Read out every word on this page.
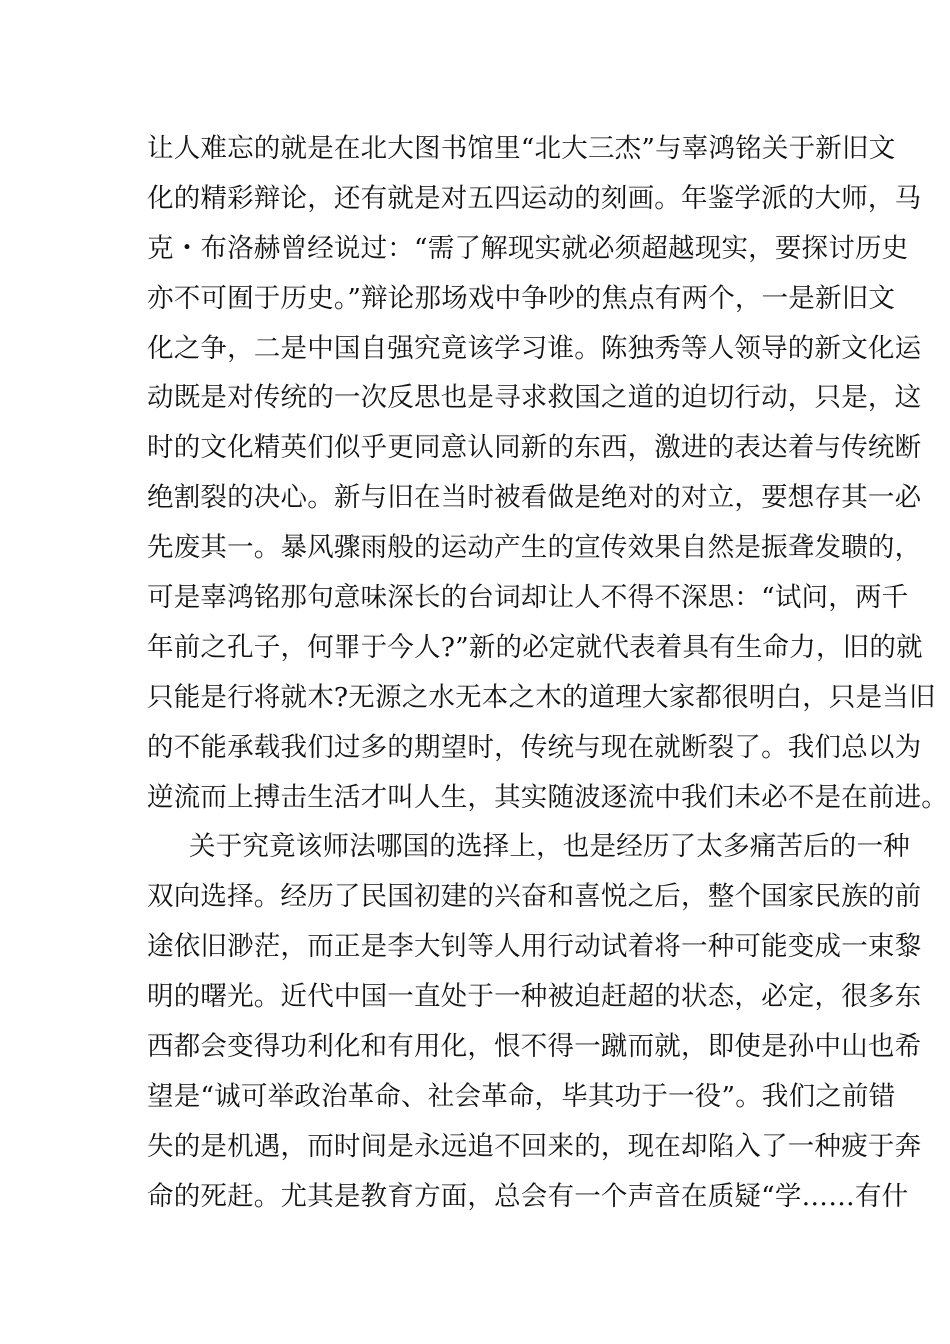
让人难忘的就是在北大图书馆里“北大三杰”与辜鸿铭关于新旧文
化的精彩辩论，还有就是对五四运动的刻画。年鉴学派的大师，马
克・布洛赫曾经说过：“需了解现实就必须超越现实，要探讨历史
亦不可囿于历史。”辩论那场戏中争吵的焦点有两个，一是新旧文
化之争，二是中国自强究竟该学习谁。陈独秀等人领导的新文化运
动既是对传统的一次反思也是寻求救国之道的迫切行动，只是，这
时的文化精英们似乎更同意认同新的东西，激进的表达着与传统断
绝割裂的决心。新与旧在当时被看做是绝对的对立，要想存其一必
先废其一。暴风骤雨般的运动产生的宣传效果自然是振聋发聩的，
可是辜鸿铭那句意味深长的台词却让人不得不深思：“试问，两千
年前之孔子，何罪于今人?”新的必定就代表着具有生命力，旧的就
只能是行将就木?无源之水无本之木的道理大家都很明白，只是当旧
的不能承载我们过多的期望时，传统与现在就断裂了。我们总以为
逆流而上搏击生活才叫人生，其实随波逐流中我们未必不是在前进。
关于究竟该师法哪国的选择上，也是经历了太多痛苦后的一种
双向选择。经历了民国初建的兴奋和喜悦之后，整个国家民族的前
途依旧渺茫，而正是李大钊等人用行动试着将一种可能变成一束黎
明的曙光。近代中国一直处于一种被迫赶超的状态，必定，很多东
西都会变得功利化和有用化，恨不得一蹴而就，即使是孙中山也希
望是“诚可举政治革命、社会革命，毕其功于一役”。我们之前错
失的是机遇，而时间是永远追不回来的，现在却陷入了一种疲于奔
命的死赶。尤其是教育方面，总会有一个声音在质疑“学……有什
